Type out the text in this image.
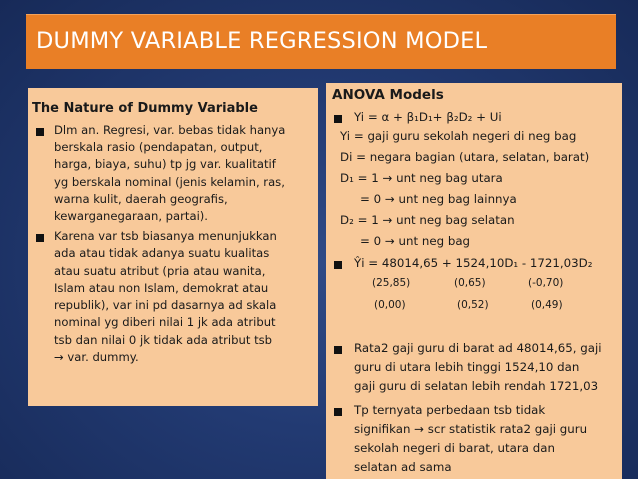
DUMMY VARIABLE REGRESSION MODEL
The Nature of Dummy Variable
Dlm an. Regresi, var. bebas tidak hanya
berskala rasio (pendapatan, output,
harga, biaya, suhu) tp jg var. kualitatif
yg berskala nominal (jenis kelamin, ras,
warna kulit, daerah geografis,
kewarganegaraan, partai).
Karena var tsb biasanya menunjukkan
ada atau tidak adanya suatu kualitas
atau suatu atribut (pria atau wanita,
Islam atau non Islam, demokrat atau
republik), var ini pd dasarnya ad skala
nominal yg diberi nilai 1 jk ada atribut
tsb dan nilai 0 jk tidak ada atribut tsb
→ var. dummy.
ANOVA Models
Yi = α + β₁D₁+ β₂D₂ + Ui
Yi = gaji guru sekolah negeri di neg bag
Di = negara bagian (utara, selatan, barat)
D₁ = 1 → unt neg bag utara
= 0 → unt neg bag lainnya
D₂ = 1 → unt neg bag selatan
= 0 → unt neg bag
Ŷi = 48014,65 + 1524,10D₁ - 1721,03D₂
(25,85)	(0,65)	(-0,70)
(0,00)	(0,52)	(0,49)
Rata2 gaji guru di barat ad 48014,65, gaji
guru di utara lebih tinggi 1524,10 dan
gaji guru di selatan lebih rendah 1721,03
Tp ternyata perbedaan tsb tidak
signifikan → scr statistik rata2 gaji guru
sekolah negeri di barat, utara dan
selatan ad sama
